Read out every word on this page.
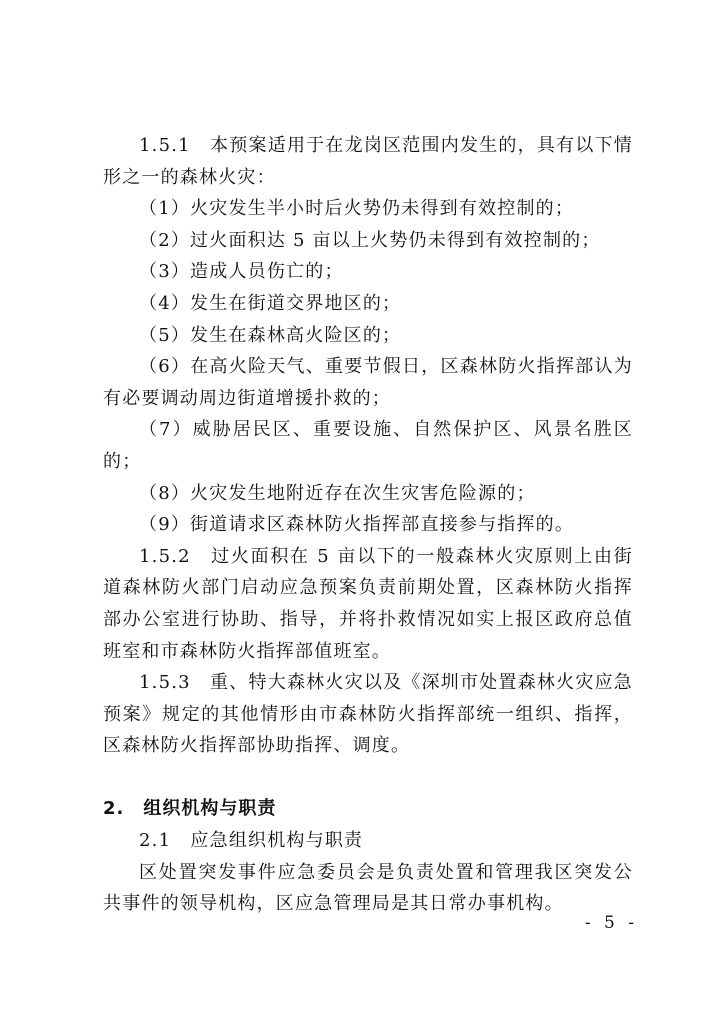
1.5.1　本预案适用于在龙岗区范围内发生的，具有以下情形之一的森林火灾：

（1）火灾发生半小时后火势仍未得到有效控制的；

（2）过火面积达 5 亩以上火势仍未得到有效控制的；

（3）造成人员伤亡的；

（4）发生在街道交界地区的；

（5）发生在森林高火险区的；

（6）在高火险天气、重要节假日，区森林防火指挥部认为有必要调动周边街道增援扑救的；

（7）威胁居民区、重要设施、自然保护区、风景名胜区的；

（8）火灾发生地附近存在次生灾害危险源的；

（9）街道请求区森林防火指挥部直接参与指挥的。

1.5.2　过火面积在 5 亩以下的一般森林火灾原则上由街道森林防火部门启动应急预案负责前期处置，区森林防火指挥部办公室进行协助、指导，并将扑救情况如实上报区政府总值班室和市森林防火指挥部值班室。

1.5.3　重、特大森林火灾以及《深圳市处置森林火灾应急预案》规定的其他情形由市森林防火指挥部统一组织、指挥，区森林防火指挥部协助指挥、调度。

2.　组织机构与职责

2.1　应急组织机构与职责

区处置突发事件应急委员会是负责处置和管理我区突发公共事件的领导机构，区应急管理局是其日常办事机构。

- 5 -
